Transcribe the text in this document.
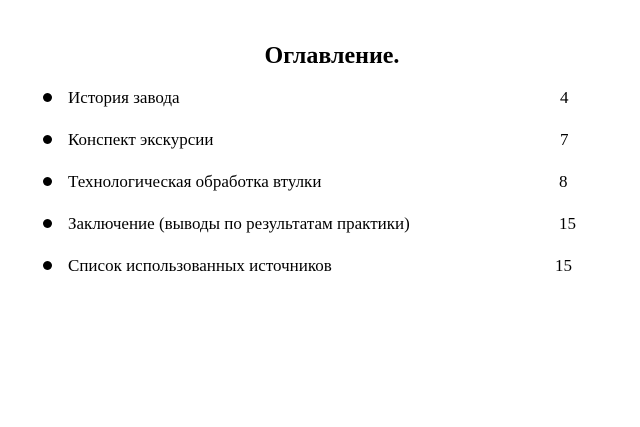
Оглавление.
История завода	4
Конспект экскурсии	7
Технологическая обработка втулки	8
Заключение (выводы по результатам практики)	15
Список использованных источников	15
